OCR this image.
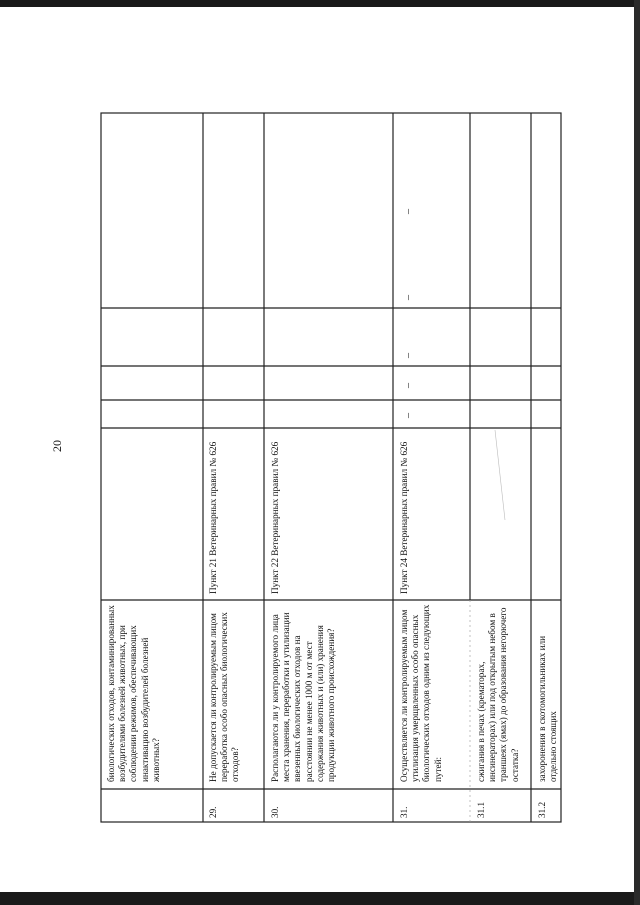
20
биологических отходов, контаминированных возбудителями болезней животных, при соблюдении режимов, обеспечивающих инактивацию возбудителей болезней животных?
29.
Не допускается ли контролируемым лицом переработка особо опасных биологических отходов?
Пункт 21 Ветеринарных правил № 626
30.
Располагаются ли у контролируемого лица места хранения, переработки и утилизации ввезенных биологических отходов на расстоянии не менее 1000 м от мест содержания животных и (или) хранения продукции животного происхождения?
Пункт 22 Ветеринарных правил № 626
31.
Осуществляется ли контролируемым лицом утилизация умерщвленных особо опасных биологических отходов одним из следующих путей:
Пункт 24 Ветеринарных правил № 626
–
–
–
–
–
31.1
сжигания в печах (крематорах, инсинераторах) или под открытым небом в траншеях (ямах) до образования негорючего остатка?
31.2
захоронения в скотомогильниках или отдельно стоящих
